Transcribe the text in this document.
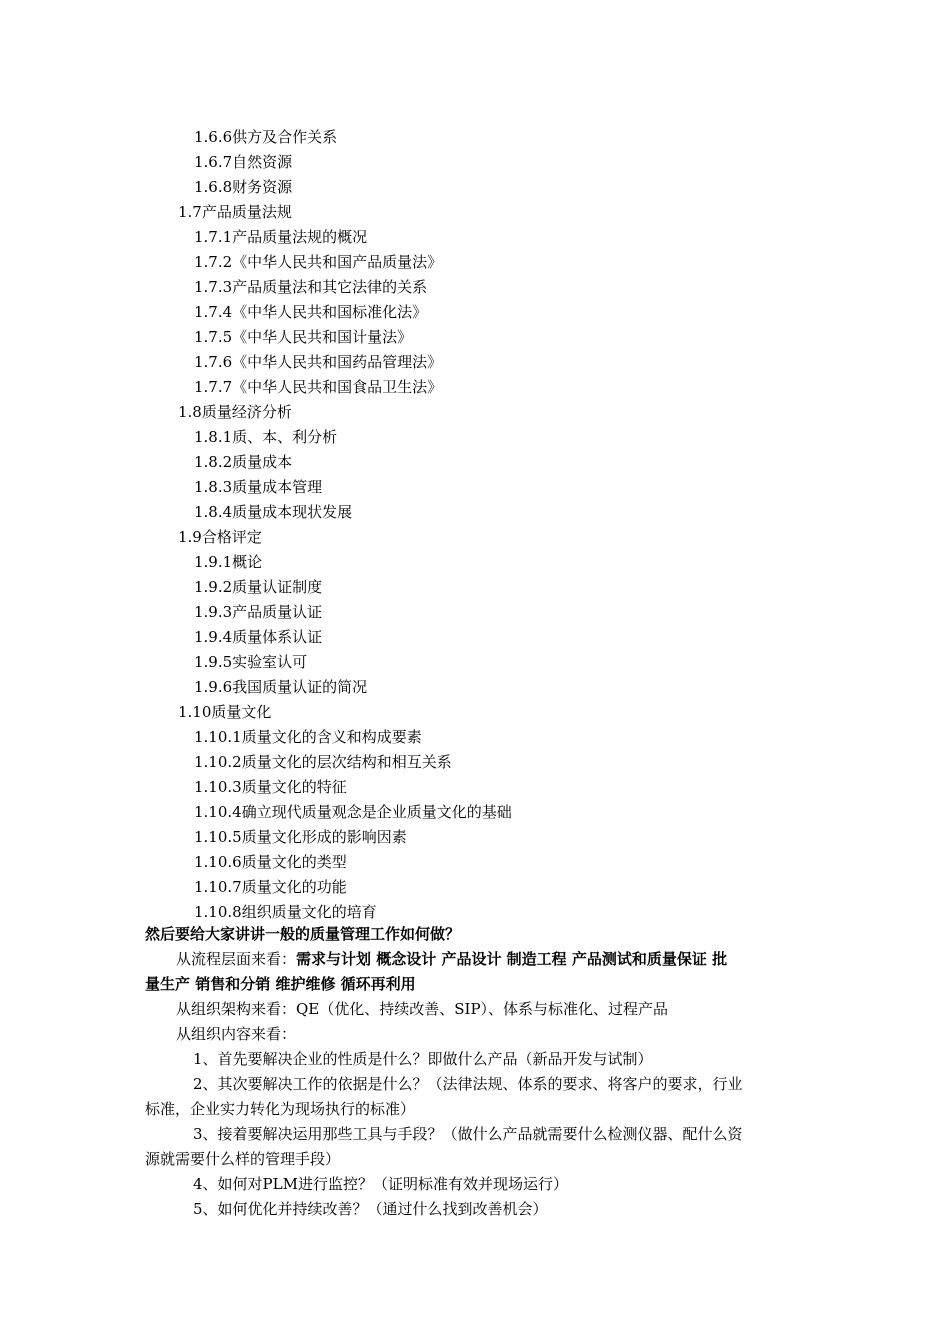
1.6.6供方及合作关系
1.6.7自然资源
1.6.8财务资源
1.7产品质量法规
1.7.1产品质量法规的概况
1.7.2《中华人民共和国产品质量法》
1.7.3产品质量法和其它法律的关系
1.7.4《中华人民共和国标准化法》
1.7.5《中华人民共和国计量法》
1.7.6《中华人民共和国药品管理法》
1.7.7《中华人民共和国食品卫生法》
1.8质量经济分析
1.8.1质、本、利分析
1.8.2质量成本
1.8.3质量成本管理
1.8.4质量成本现状发展
1.9合格评定
1.9.1概论
1.9.2质量认证制度
1.9.3产品质量认证
1.9.4质量体系认证
1.9.5实验室认可
1.9.6我国质量认证的简况
1.10质量文化
1.10.1质量文化的含义和构成要素
1.10.2质量文化的层次结构和相互关系
1.10.3质量文化的特征
1.10.4确立现代质量观念是企业质量文化的基础
1.10.5质量文化形成的影响因素
1.10.6质量文化的类型
1.10.7质量文化的功能
1.10.8组织质量文化的培育
然后要给大家讲讲一般的质量管理工作如何做？
从流程层面来看：需求与计划 概念设计 产品设计 制造工程 产品测试和质量保证 批
量生产 销售和分销 维护维修 循环再利用
从组织架构来看：QE（优化、持续改善、SIP）、体系与标准化、过程产品
从组织内容来看：
1、首先要解决企业的性质是什么？即做什么产品（新品开发与试制）
2、其次要解决工作的依据是什么？（法律法规、体系的要求、将客户的要求，行业
标准，企业实力转化为现场执行的标准）
3、接着要解决运用那些工具与手段？（做什么产品就需要什么检测仪器、配什么资
源就需要什么样的管理手段）
4、如何对PLM进行监控？（证明标准有效并现场运行）
5、如何优化并持续改善？（通过什么找到改善机会）
